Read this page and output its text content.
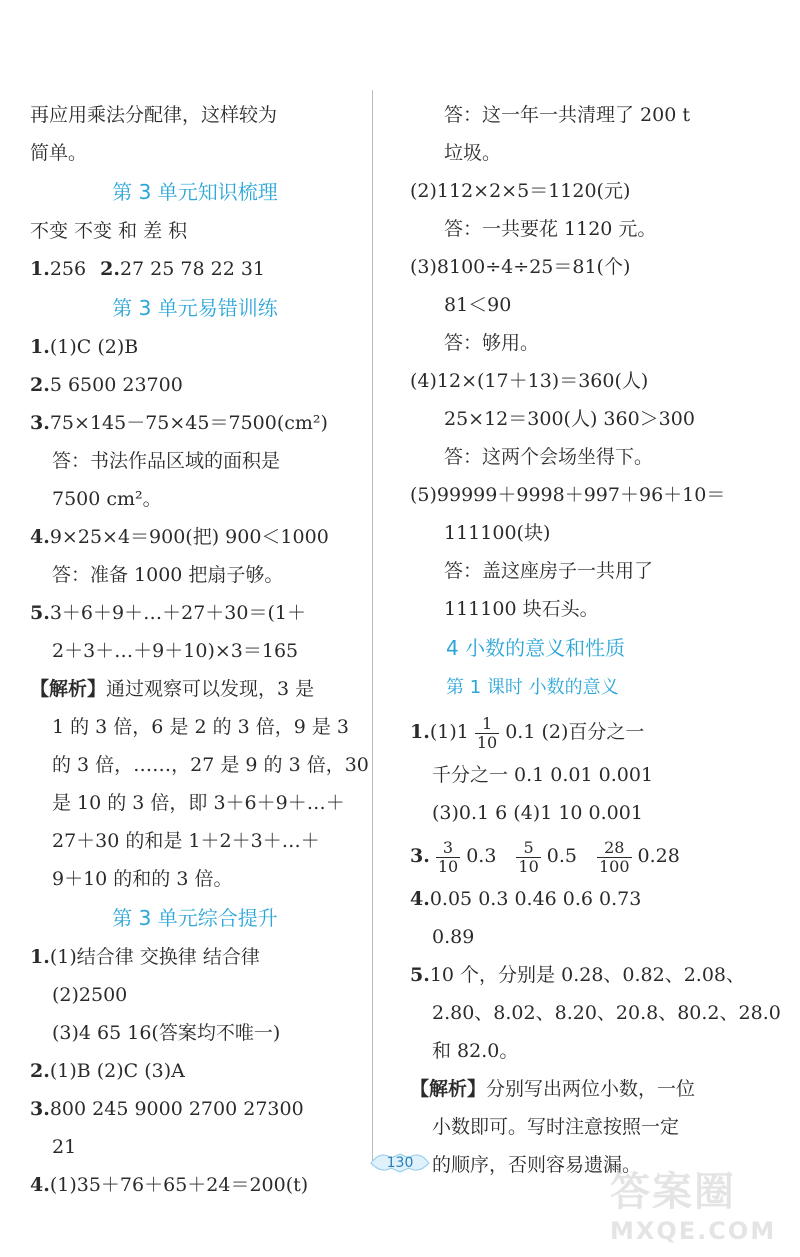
再应用乘法分配律，这样较为
简单。
第 3 单元知识梳理
不变 不变 和 差 积
1.256 2.27 25 78 22 31
第 3 单元易错训练
1.(1)C (2)B
2.5 6500 23700
3.75×145－75×45＝7500(cm²)
答：书法作品区域的面积是
7500 cm²。
4.9×25×4＝900(把) 900＜1000
答：准备 1000 把扇子够。
5.3＋6＋9＋…＋27＋30＝(1＋
2＋3＋…＋9＋10)×3＝165
【解析】通过观察可以发现，3 是
1 的 3 倍，6 是 2 的 3 倍，9 是 3
的 3 倍，……，27 是 9 的 3 倍，30
是 10 的 3 倍，即 3＋6＋9＋…＋
27＋30 的和是 1＋2＋3＋…＋
9＋10 的和的 3 倍。
第 3 单元综合提升
1.(1)结合律 交换律 结合律
(2)2500
(3)4 65 16(答案均不唯一)
2.(1)B (2)C (3)A
3.800 245 9000 2700 27300
21
4.(1)35＋76＋65＋24＝200(t)
答：这一年一共清理了 200 t
垃圾。
(2)112×2×5＝1120(元)
答：一共要花 1120 元。
(3)8100÷4÷25＝81(个)
81＜90
答：够用。
(4)12×(17＋13)＝360(人)
25×12＝300(人) 360＞300
答：这两个会场坐得下。
(5)99999＋9998＋997＋96＋10＝
111100(块)
答：盖这座房子一共用了
111100 块石头。
4 小数的意义和性质
第 1 课时 小数的意义
$1.(1)1 \frac{1}{10} 0.1$ (2)百分之一
千分之一 0.1 0.01 0.001
(3)0.1 6 (4)1 10 0.001
3. $\frac{3}{10} 0.3 \frac{5}{10} 0.5 \frac{28}{100} 0.28$
4.0.05 0.3 0.46 0.6 0.73
0.89
5.10 个，分别是 0.28、0.82、2.08、
2.80、8.02、8.20、20.8、80.2、28.0
和 82.0。
【解析】分别写出两位小数，一位
小数即可。写时注意按照一定
的顺序，否则容易遗漏。
130
答案圈
MXQE.COM
